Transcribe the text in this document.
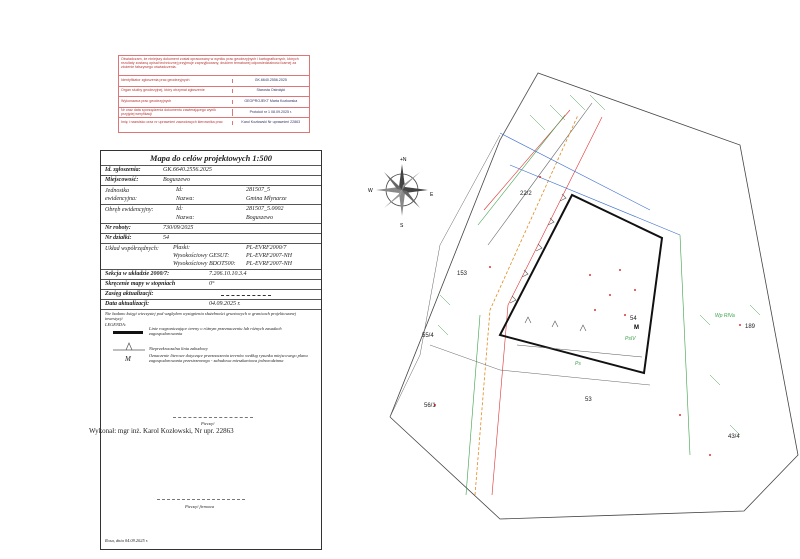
Oświadczam, że niniejszy dokument został opracowany w wyniku prac geodezyjnych i kartograficznych, których rezultaty zostaną opisał technicznej przyjmuje zaprzyjkowany, drukiem tematowej odpowiedzialności karnej za złożenie fałszywego oświadczenia.
Identyfikator zgłoszenia prac geodezyjnych	GK.6640.2556.2025
Organ służby geodezyjnej, który otrzymał zgłoszenie	Starosta Ostrołęki
Wykonawca prac geodezyjnych	GEOPROJEKT Marta Kozłowska
Nr oraz data sporządzenia dokumentu zawierającego wynik przyjętej weryfikacji	Protokół nr 1 08.09.2025 r.
Imię i nazwisko oraz nr uprawnień zawodowych kierownika prac	Karol Kozłowski Nr uprawnień 22863
Mapa do celów projektowych 1:500
Id. zgłoszenia:	GK.6640.2556.2025
Miejscowość:	Boguszewo
Jednostka ewidencyjna:
Id:	281507_5
Nazwa:	Gmina Młynarze
Obręb ewidencyjny:	Id:	281507_5.0002
Nazwa:	Boguszewo
Nr roboty:	730/09/2025
Nr działki:	54
Układ współrzędnych: Płaski:	PL-EVRF2000/7
Wysokościowy GESUT:	PL-EVRF2007-NH
Wysokościowy BDOT500: PL-EVRF2007-NH
Sekcja w układzie 2000/7:	7.206.10.10.3.4
Skręcenie mapy w stopniach	0°
Zasięg aktualizacji:
Data aktualizacji:	04.09.2025 r.
Nie badano księgi wieczystej pod względem wystąpienia służebności gruntowych w granicach projektowanej inwestycji
LEGENDA:
Linie rozgraniczające tereny o różnym przeznaczeniu lub różnych zasadach zagospodarowania
Nieprzekraczalna linia zabudowy
M	Oznaczenie literowe dotyczące przeznaczenia terenów według rysunku miejscowego planu zagospodarowania przestrzennego - zabudowa mieszkaniowa jednorodzinna
Pieczęć
Wykonał: mgr inż. Karol Kozłowski, Nr upr. 22863
Pieczęć firmowa
Rosa, dnia 04.09.2025 r.
+N
E
W
S
22/2
153
55/4
54
53
56/1
189
43/4
M
PsIV
Ps
Wp RIVa
